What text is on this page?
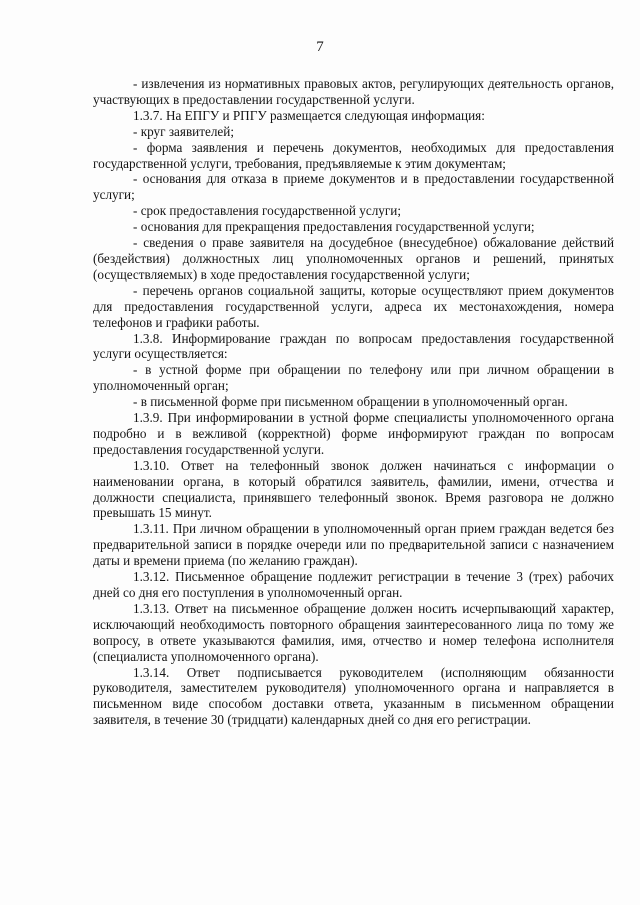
7

- извлечения из нормативных правовых актов, регулирующих деятельность органов, участвующих в предоставлении государственной услуги.

1.3.7. На ЕПГУ и РПГУ размещается следующая информация:

- круг заявителей;

- форма заявления и перечень документов, необходимых для предоставления государственной услуги, требования, предъявляемые к этим документам;

- основания для отказа в приеме документов и в предоставлении государственной услуги;

- срок предоставления государственной услуги;

- основания для прекращения предоставления государственной услуги;

- сведения о праве заявителя на досудебное (внесудебное) обжалование действий (бездействия) должностных лиц уполномоченных органов и решений, принятых (осуществляемых) в ходе предоставления государственной услуги;

- перечень органов социальной защиты, которые осуществляют прием документов для предоставления государственной услуги, адреса их местонахождения, номера телефонов и графики работы.

1.3.8. Информирование граждан по вопросам предоставления государственной услуги осуществляется:

- в устной форме при обращении по телефону или при личном обращении в уполномоченный орган;

- в письменной форме при письменном обращении в уполномоченный орган.

1.3.9. При информировании в устной форме специалисты уполномоченного органа подробно и в вежливой (корректной) форме информируют граждан по вопросам предоставления государственной услуги.

1.3.10. Ответ на телефонный звонок должен начинаться с информации о наименовании органа, в который обратился заявитель, фамилии, имени, отчества и должности специалиста, принявшего телефонный звонок. Время разговора не должно превышать 15 минут.

1.3.11. При личном обращении в уполномоченный орган прием граждан ведется без предварительной записи в порядке очереди или по предварительной записи с назначением даты и времени приема (по желанию граждан).

1.3.12. Письменное обращение подлежит регистрации в течение 3 (трех) рабочих дней со дня его поступления в уполномоченный орган.

1.3.13. Ответ на письменное обращение должен носить исчерпывающий характер, исключающий необходимость повторного обращения заинтересованного лица по тому же вопросу, в ответе указываются фамилия, имя, отчество и номер телефона исполнителя (специалиста уполномоченного органа).

1.3.14. Ответ подписывается руководителем (исполняющим обязанности руководителя, заместителем руководителя) уполномоченного органа и направляется в письменном виде способом доставки ответа, указанным в письменном обращении заявителя, в течение 30 (тридцати) календарных дней со дня его регистрации.
